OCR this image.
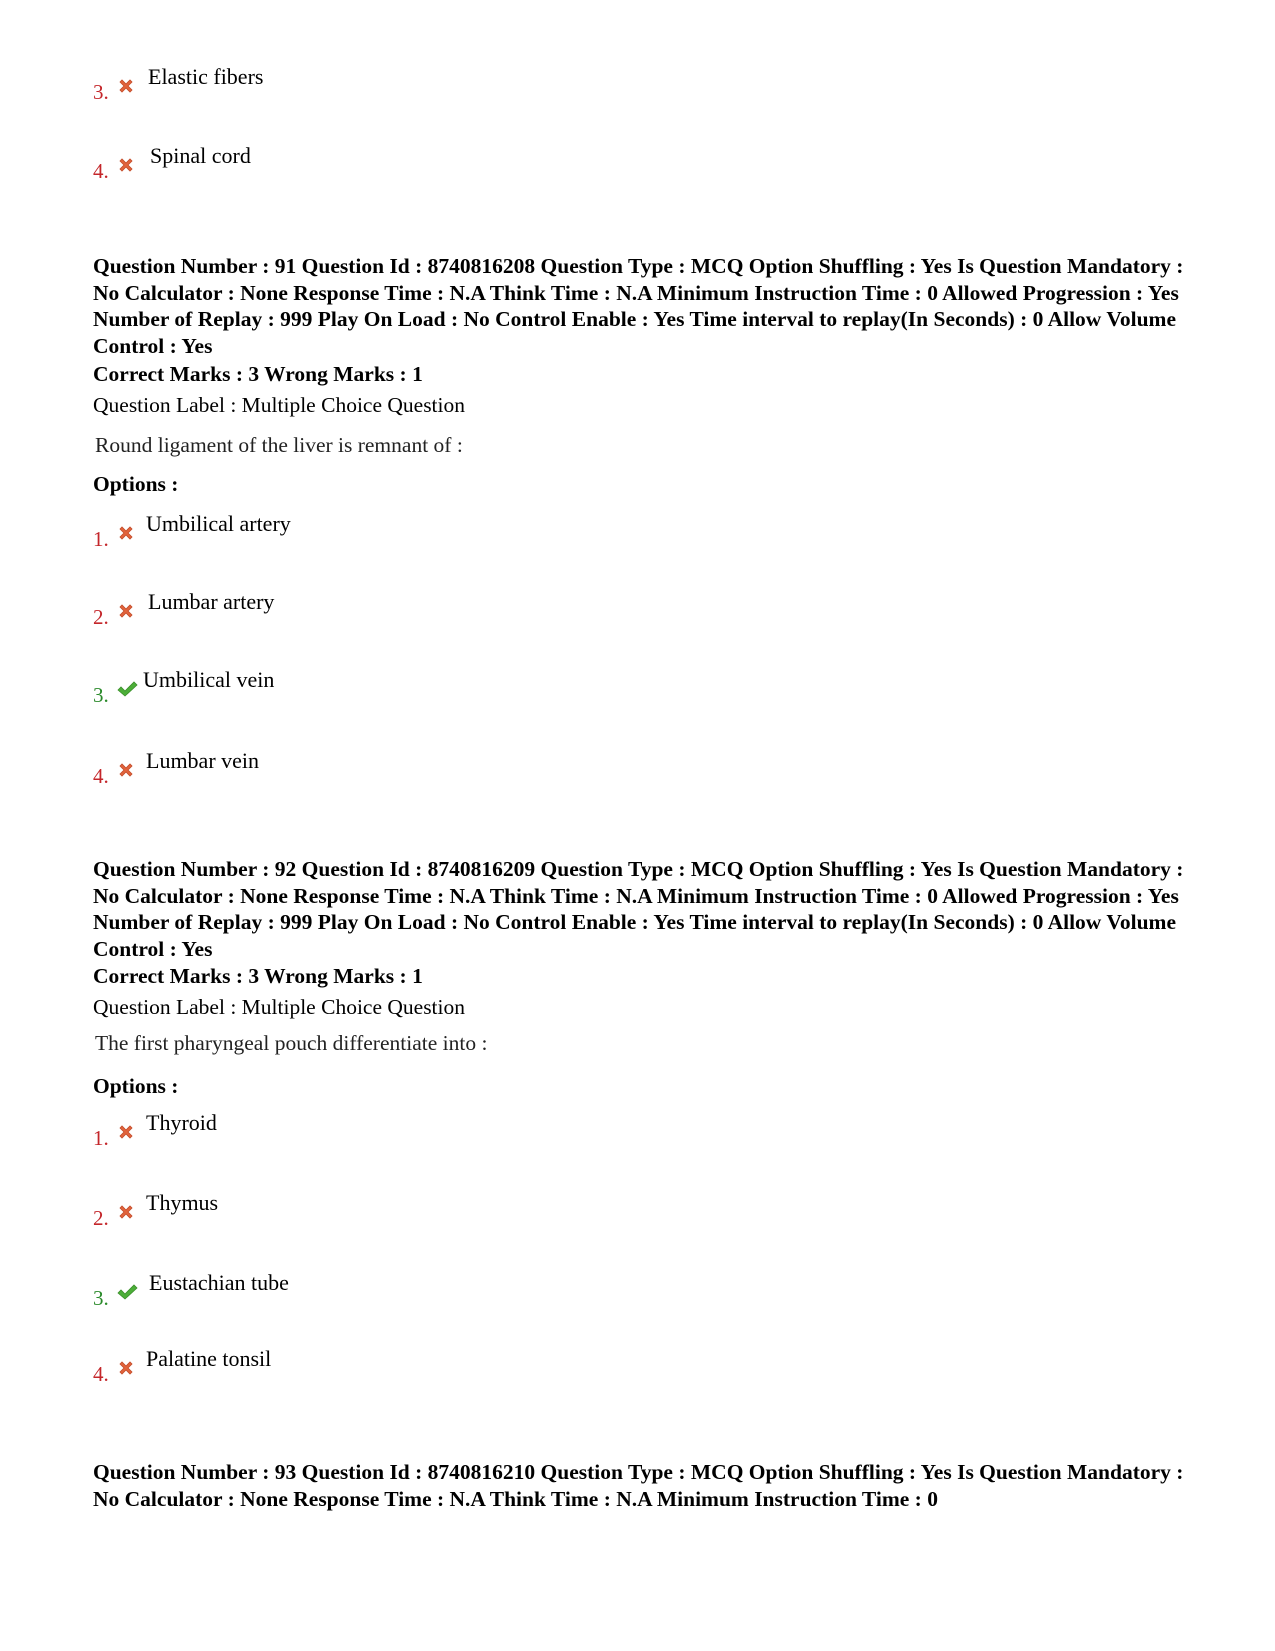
3.
Elastic fibers
4.
Spinal cord
Question Number : 91 Question Id : 8740816208 Question Type : MCQ Option Shuffling : Yes Is Question Mandatory : No Calculator : None Response Time : N.A Think Time : N.A Minimum Instruction Time : 0 Allowed Progression : Yes Number of Replay : 999 Play On Load : No Control Enable : Yes Time interval to replay(In Seconds) : 0 Allow Volume Control : Yes
Correct Marks : 3 Wrong Marks : 1
Question Label : Multiple Choice Question
Round ligament of the liver is remnant of :
Options :
1.
Umbilical artery
2.
Lumbar artery
3.
Umbilical vein
4.
Lumbar vein
Question Number : 92 Question Id : 8740816209 Question Type : MCQ Option Shuffling : Yes Is Question Mandatory : No Calculator : None Response Time : N.A Think Time : N.A Minimum Instruction Time : 0 Allowed Progression : Yes Number of Replay : 999 Play On Load : No Control Enable : Yes Time interval to replay(In Seconds) : 0 Allow Volume Control : Yes
Correct Marks : 3 Wrong Marks : 1
Question Label : Multiple Choice Question
The first pharyngeal pouch differentiate into :
Options :
1.
Thyroid
2.
Thymus
3.
Eustachian tube
4.
Palatine tonsil
Question Number : 93 Question Id : 8740816210 Question Type : MCQ Option Shuffling : Yes Is Question Mandatory : No Calculator : None Response Time : N.A Think Time : N.A Minimum Instruction Time : 0
